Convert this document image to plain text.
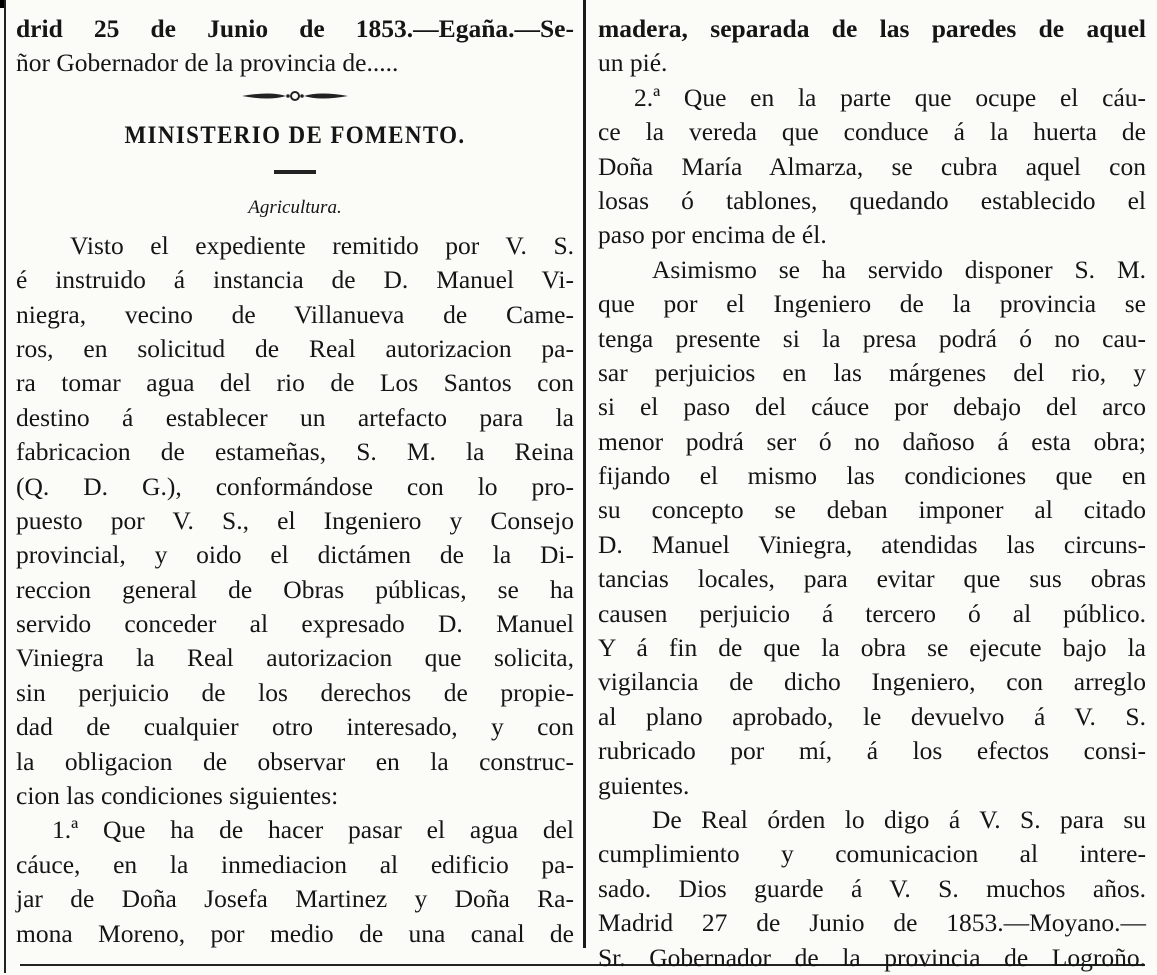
drid 25 de Junio de 1853.—Egaña.—Se-
ñor Gobernador de la provincia de.....
MINISTERIO DE FOMENTO.
Agricultura.
Visto el expediente remitido por V. S.
é instruido á instancia de D. Manuel Vi-
niegra, vecino de Villanueva de Came-
ros, en solicitud de Real autorizacion pa-
ra tomar agua del rio de Los Santos con
destino á establecer un artefacto para la
fabricacion de estameñas, S. M. la Reina
(Q. D. G.), conformándose con lo pro-
puesto por V. S., el Ingeniero y Consejo
provincial, y oido el dictámen de la Di-
reccion general de Obras públicas, se ha
servido conceder al expresado D. Manuel
Viniegra la Real autorizacion que solicita,
sin perjuicio de los derechos de propie-
dad de cualquier otro interesado, y con
la obligacion de observar en la construc-
cion las condiciones siguientes:
1.ª Que ha de hacer pasar el agua del
cáuce, en la inmediacion al edificio pa-
jar de Doña Josefa Martinez y Doña Ra-
mona Moreno, por medio de una canal de
madera, separada de las paredes de aquel
un pié.
2.ª Que en la parte que ocupe el cáu-
ce la vereda que conduce á la huerta de
Doña María Almarza, se cubra aquel con
losas ó tablones, quedando establecido el
paso por encima de él.
Asimismo se ha servido disponer S. M.
que por el Ingeniero de la provincia se
tenga presente si la presa podrá ó no cau-
sar perjuicios en las márgenes del rio, y
si el paso del cáuce por debajo del arco
menor podrá ser ó no dañoso á esta obra;
fijando el mismo las condiciones que en
su concepto se deban imponer al citado
D. Manuel Viniegra, atendidas las circuns-
tancias locales, para evitar que sus obras
causen perjuicio á tercero ó al público.
Y á fin de que la obra se ejecute bajo la
vigilancia de dicho Ingeniero, con arreglo
al plano aprobado, le devuelvo á V. S.
rubricado por mí, á los efectos consi-
guientes.
De Real órden lo digo á V. S. para su
cumplimiento y comunicacion al intere-
sado. Dios guarde á V. S. muchos años.
Madrid 27 de Junio de 1853.—Moyano.—
Sr. Gobernador de la provincia de Logroño.
